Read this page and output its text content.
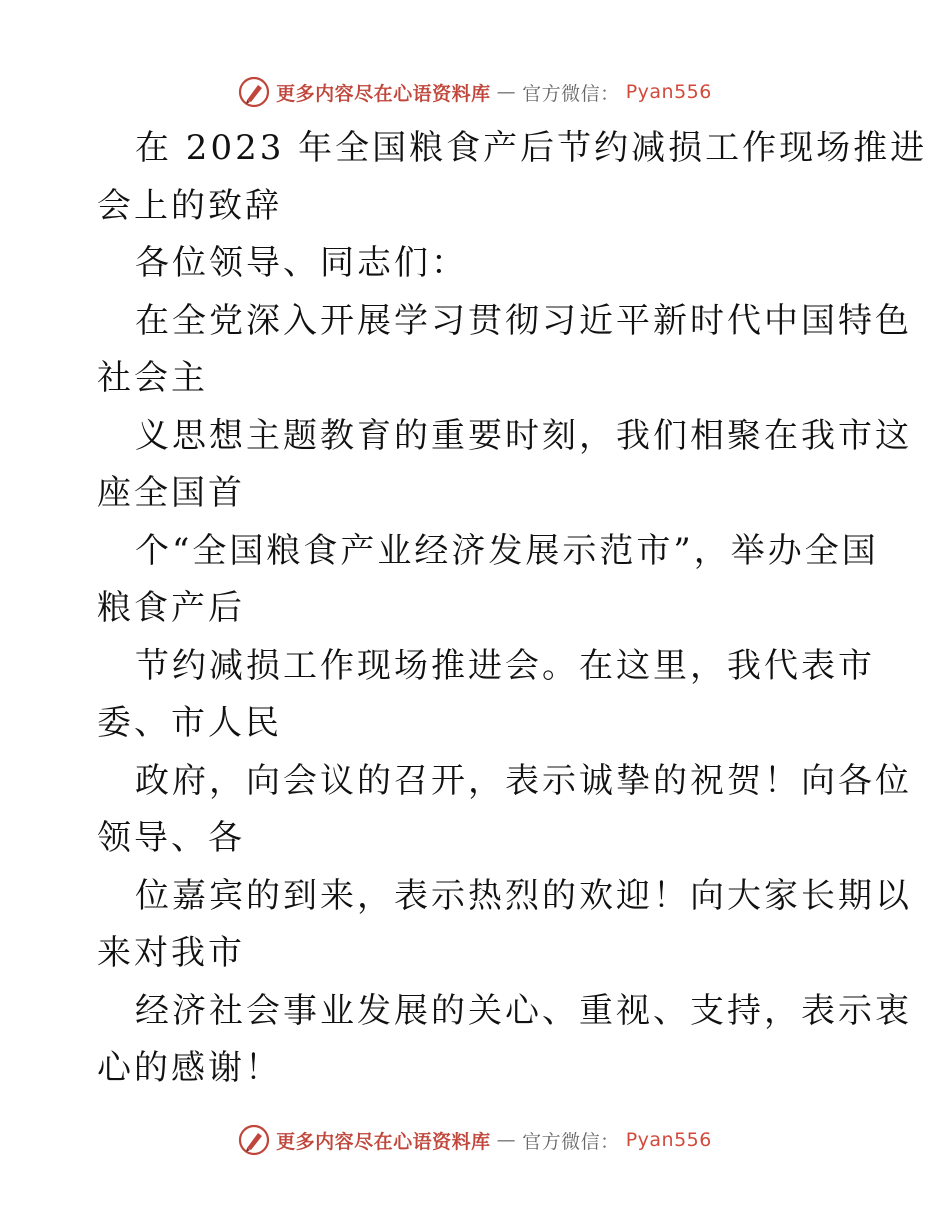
更多内容尽在心语资料库 — 官方微信： Pyan556
在 2023 年全国粮食产后节约减损工作现场推进
会上的致辞
各位领导、同志们：
在全党深入开展学习贯彻习近平新时代中国特色
社会主
义思想主题教育的重要时刻，我们相聚在我市这
座全国首
个“全国粮食产业经济发展示范市”，举办全国
粮食产后
节约减损工作现场推进会。在这里，我代表市
委、市人民
政府，向会议的召开，表示诚挚的祝贺！向各位
领导、各
位嘉宾的到来，表示热烈的欢迎！向大家长期以
来对我市
经济社会事业发展的关心、重视、支持，表示衷
心的感谢！
更多内容尽在心语资料库 — 官方微信： Pyan556
